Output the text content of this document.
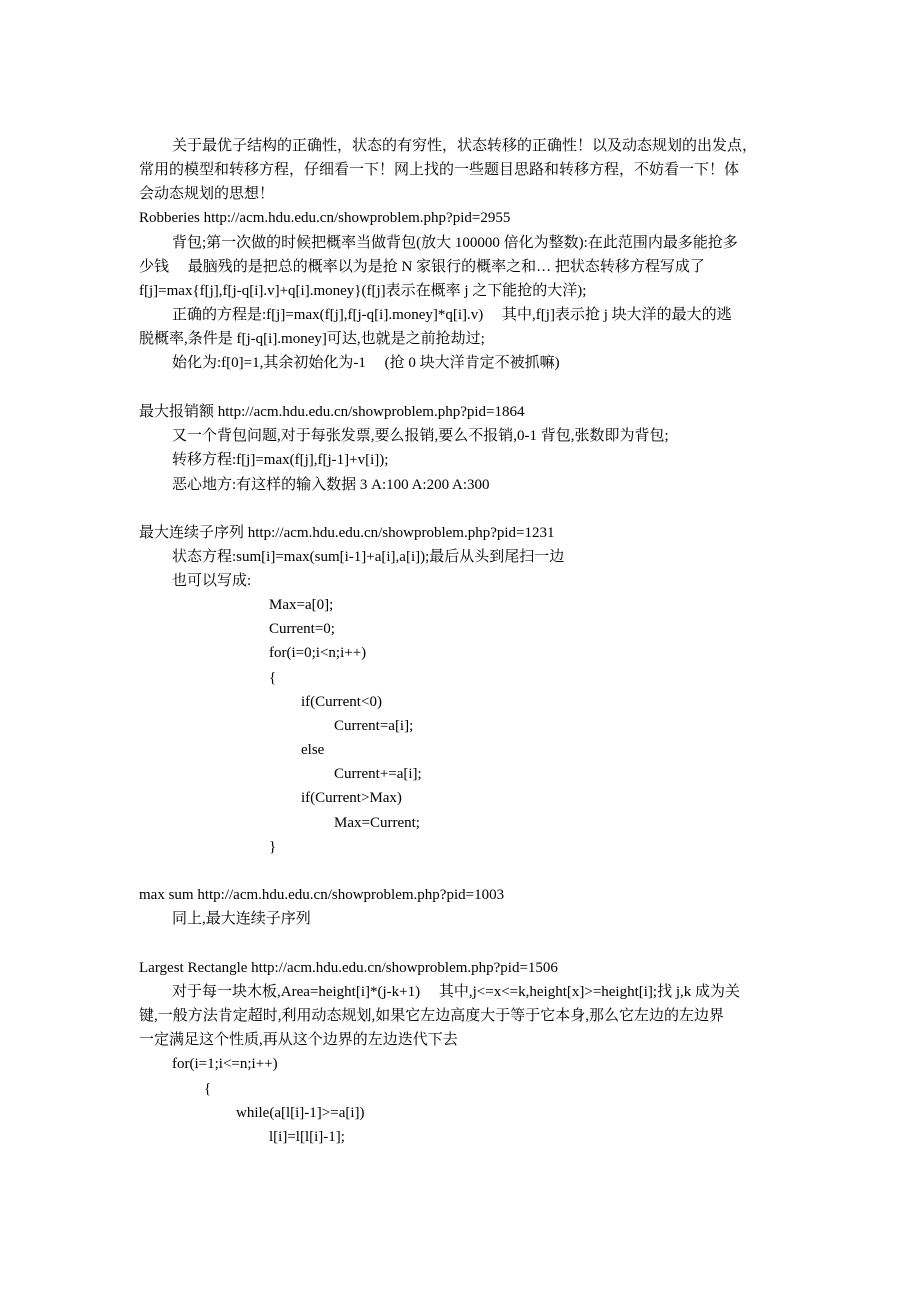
关于最优子结构的正确性，状态的有穷性，状态转移的正确性！以及动态规划的出发点，
常用的模型和转移方程，仔细看一下！网上找的一些题目思路和转移方程，不妨看一下！体
会动态规划的思想！
Robberies http://acm.hdu.edu.cn/showproblem.php?pid=2955
背包;第一次做的时候把概率当做背包(放大 100000 倍化为整数):在此范围内最多能抢多
少钱　 最脑残的是把总的概率以为是抢 N 家银行的概率之和… 把状态转移方程写成了
f[j]=max{f[j],f[j-q[i].v]+q[i].money}(f[j]表示在概率 j 之下能抢的大洋);
正确的方程是:f[j]=max(f[j],f[j-q[i].money]*q[i].v)　 其中,f[j]表示抢 j 块大洋的最大的逃
脱概率,条件是 f[j-q[i].money]可达,也就是之前抢劫过;
始化为:f[0]=1,其余初始化为-1　 (抢 0 块大洋肯定不被抓嘛)
最大报销额 http://acm.hdu.edu.cn/showproblem.php?pid=1864
又一个背包问题,对于每张发票,要么报销,要么不报销,0-1 背包,张数即为背包;
转移方程:f[j]=max(f[j],f[j-1]+v[i]);
恶心地方:有这样的输入数据 3 A:100 A:200 A:300
最大连续子序列 http://acm.hdu.edu.cn/showproblem.php?pid=1231
状态方程:sum[i]=max(sum[i-1]+a[i],a[i]);最后从头到尾扫一边
也可以写成:
Max=a[0];
Current=0;
for(i=0;i<n;i++)
{
if(Current<0)
Current=a[i];
else
Current+=a[i];
if(Current>Max)
Max=Current;
}
max sum http://acm.hdu.edu.cn/showproblem.php?pid=1003
同上,最大连续子序列
Largest Rectangle http://acm.hdu.edu.cn/showproblem.php?pid=1506
对于每一块木板,Area=height[i]*(j-k+1)　 其中,j<=x<=k,height[x]>=height[i];找 j,k 成为关
键,一般方法肯定超时,利用动态规划,如果它左边高度大于等于它本身,那么它左边的左边界
一定满足这个性质,再从这个边界的左边迭代下去
for(i=1;i<=n;i++)
{
while(a[l[i]-1]>=a[i])
l[i]=l[l[i]-1];
